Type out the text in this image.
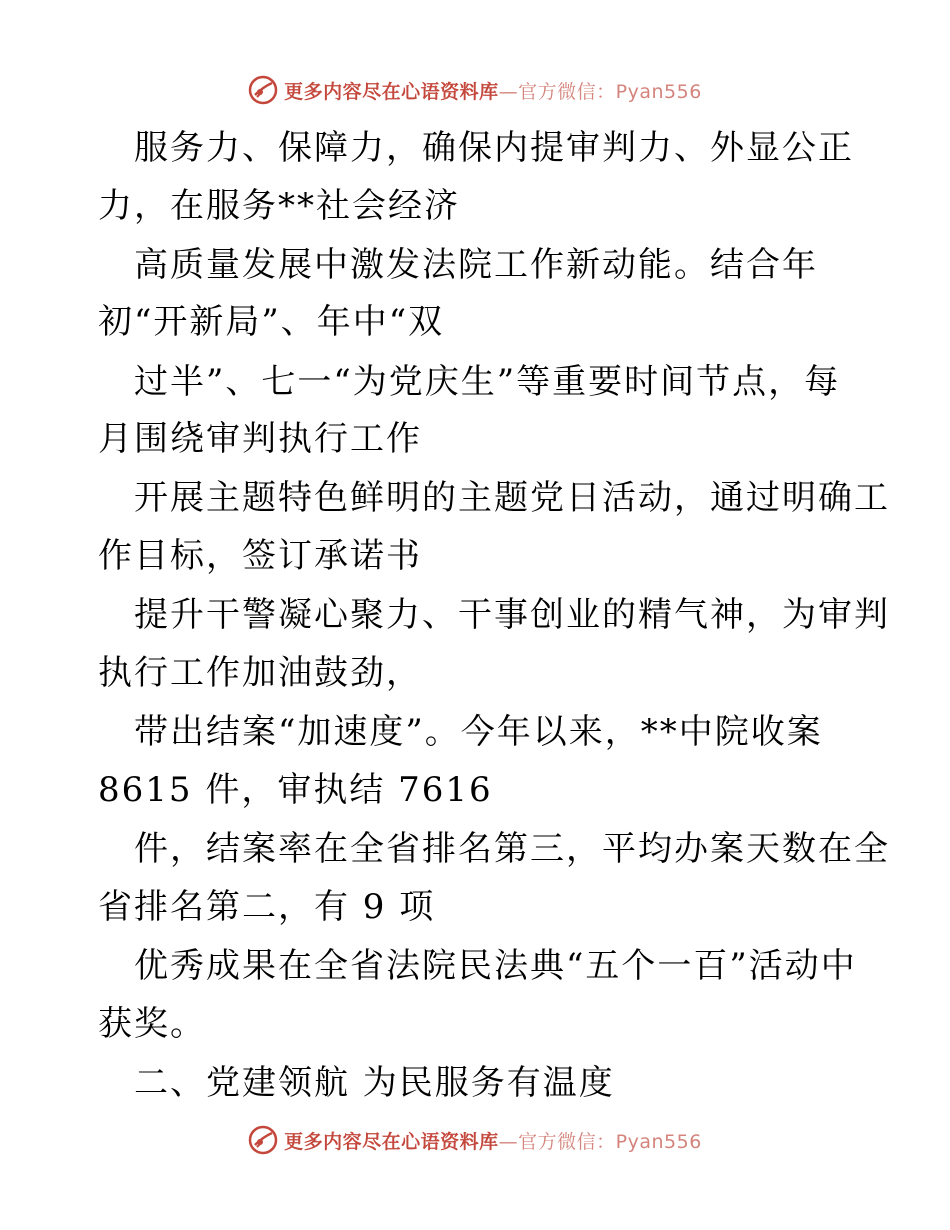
更多内容尽在心语资料库—官方微信：Pyan556
服务力、保障力，确保内提审判力、外显公正
力，在服务**社会经济
高质量发展中激发法院工作新动能。结合年
初“开新局”、年中“双
过半”、七一“为党庆生”等重要时间节点，每
月围绕审判执行工作
开展主题特色鲜明的主题党日活动，通过明确工
作目标，签订承诺书
提升干警凝心聚力、干事创业的精气神，为审判
执行工作加油鼓劲，
带出结案“加速度”。今年以来，**中院收案
8615 件，审执结 7616
件，结案率在全省排名第三，平均办案天数在全
省排名第二，有 9 项
优秀成果在全省法院民法典“五个一百”活动中
获奖。
二、党建领航 为民服务有温度
更多内容尽在心语资料库—官方微信：Pyan556
